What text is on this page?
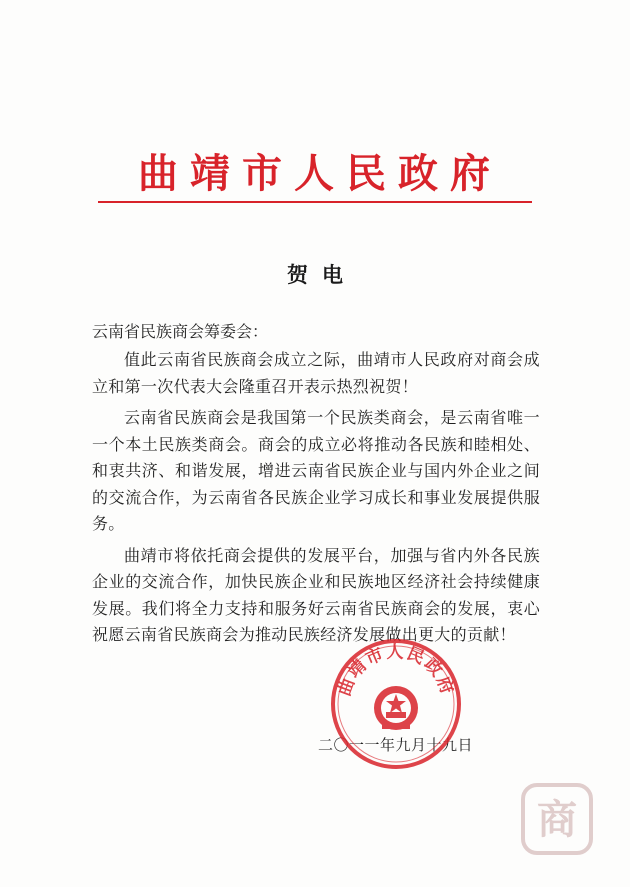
曲靖市人民政府
贺电
云南省民族商会筹委会：

值此云南省民族商会成立之际，曲靖市人民政府对商会成立和第一次代表大会隆重召开表示热烈祝贺！

云南省民族商会是我国第一个民族类商会，是云南省唯一一个本土民族类商会。商会的成立必将推动各民族和睦相处、和衷共济、和谐发展，增进云南省民族企业与国内外企业之间的交流合作，为云南省各民族企业学习成长和事业发展提供服务。

曲靖市将依托商会提供的发展平台，加强与省内外各民族企业的交流合作，加快民族企业和民族地区经济社会持续健康发展。我们将全力支持和服务好云南省民族商会的发展，衷心祝愿云南省民族商会为推动民族经济发展做出更大的贡献！

二〇一一年九月十九日
曲靖市人民政府
商
